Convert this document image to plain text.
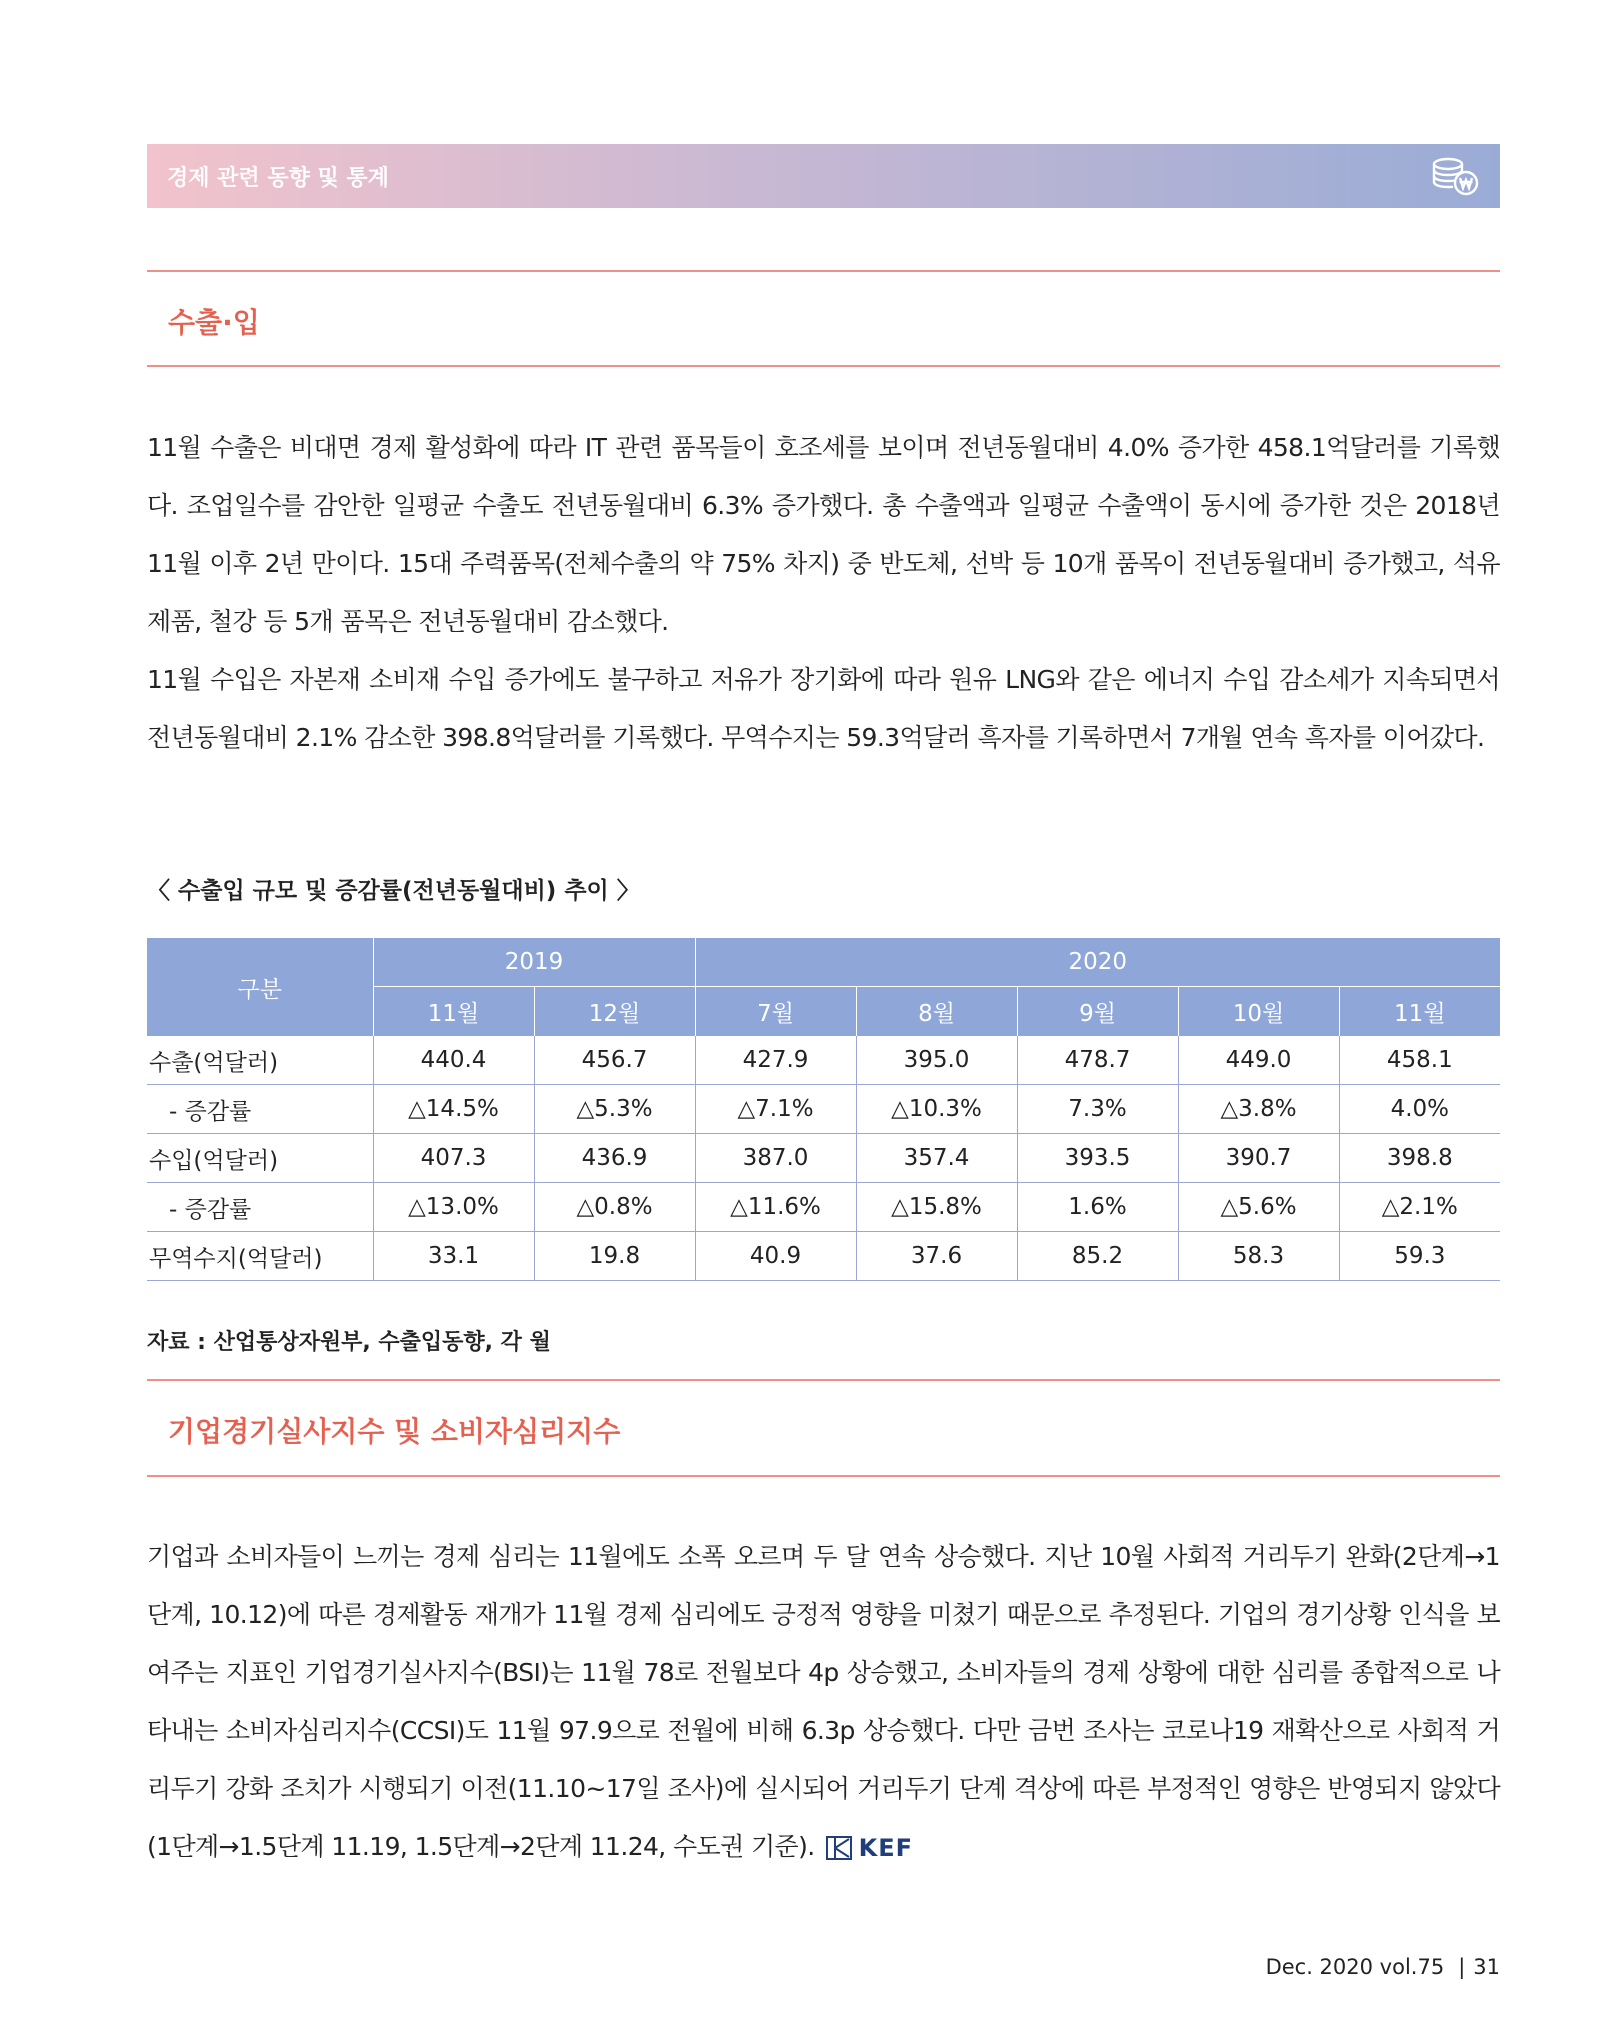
경제 관련 동향 및 통계
수출·입

11월 수출은 비대면 경제 활성화에 따라 IT 관련 품목들이 호조세를 보이며 전년동월대비 4.0% 증가한 458.1억달러를 기록했다. 조업일수를 감안한 일평균 수출도 전년동월대비 6.3% 증가했다. 총 수출액과 일평균 수출액이 동시에 증가한 것은 2018년 11월 이후 2년 만이다. 15대 주력품목(전체수출의 약 75% 차지) 중 반도체, 선박 등 10개 품목이 전년동월대비 증가했고, 석유제품, 철강 등 5개 품목은 전년동월대비 감소했다.

11월 수입은 자본재 소비재 수입 증가에도 불구하고 저유가 장기화에 따라 원유 LNG와 같은 에너지 수입 감소세가 지속되면서 전년동월대비 2.1% 감소한 398.8억달러를 기록했다. 무역수지는 59.3억달러 흑자를 기록하면서 7개월 연속 흑자를 이어갔다.

〈 수출입 규모 및 증감률(전년동월대비) 추이 〉
구분	2019		2020				
	11월	12월	7월	8월	9월	10월	11월
수출(억달러)	440.4	456.7	427.9	395.0	478.7	449.0	458.1
- 증감률	△14.5%	△5.3%	△7.1%	△10.3%	7.3%	△3.8%	4.0%
수입(억달러)	407.3	436.9	387.0	357.4	393.5	390.7	398.8
- 증감률	△13.0%	△0.8%	△11.6%	△15.8%	1.6%	△5.6%	△2.1%
무역수지(억달러)	33.1	19.8	40.9	37.6	85.2	58.3	59.3
자료 : 산업통상자원부, 수출입동향, 각 월
기업경기실사지수 및 소비자심리지수

기업과 소비자들이 느끼는 경제 심리는 11월에도 소폭 오르며 두 달 연속 상승했다. 지난 10월 사회적 거리두기 완화(2단계→1단계, 10.12)에 따른 경제활동 재개가 11월 경제 심리에도 긍정적 영향을 미쳤기 때문으로 추정된다. 기업의 경기상황 인식을 보여주는 지표인 기업경기실사지수(BSI)는 11월 78로 전월보다 4p 상승했고, 소비자들의 경제 상황에 대한 심리를 종합적으로 나타내는 소비자심리지수(CCSI)도 11월 97.9으로 전월에 비해 6.3p 상승했다. 다만 금번 조사는 코로나19 재확산으로 사회적 거리두기 강화 조치가 시행되기 이전(11.10~17일 조사)에 실시되어 거리두기 단계 격상에 따른 부정적인 영향은 반영되지 않았다(1단계→1.5단계 11.19, 1.5단계→2단계 11.24, 수도권 기준). KEF

Dec. 2020 vol.75 | 31
